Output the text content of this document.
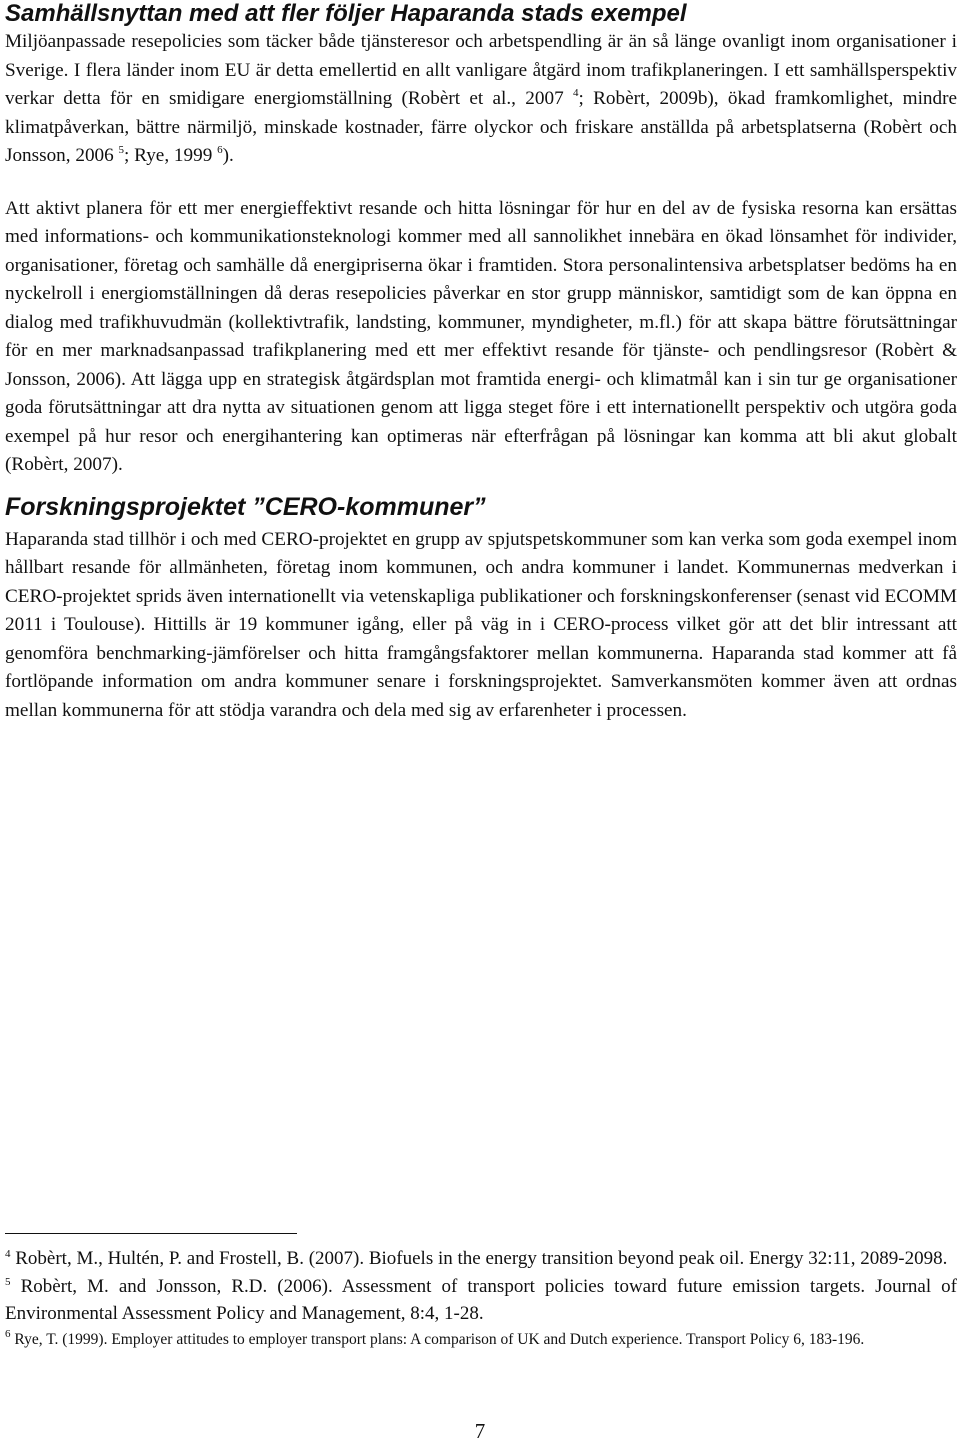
Samhällsnyttan med att fler följer Haparanda stads exempel

Miljöanpassade resepolicies som täcker både tjänsteresor och arbetspendling är än så länge ovanligt inom organisationer i Sverige. I flera länder inom EU är detta emellertid en allt vanligare åtgärd inom trafikplaneringen. I ett samhällsperspektiv verkar detta för en smidigare energiomställning (Robèrt et al., 2007 $^4$; Robèrt, 2009b), ökad framkomlighet, mindre klimatpåverkan, bättre närmiljö, minskade kostnader, färre olyckor och friskare anställda på arbetsplatserna (Robèrt och Jonsson, 2006 $^5$; Rye, 1999 $^6$).

Att aktivt planera för ett mer energieffektivt resande och hitta lösningar för hur en del av de fysiska resorna kan ersättas med informations- och kommunikationsteknologi kommer med all sannolikhet innebära en ökad lönsamhet för individer, organisationer, företag och samhälle då energipriserna ökar i framtiden. Stora personalintensiva arbetsplatser bedöms ha en nyckelroll i energiomställningen då deras resepolicies påverkar en stor grupp människor, samtidigt som de kan öppna en dialog med trafikhuvudmän (kollektivtrafik, landsting, kommuner, myndigheter, m.fl.) för att skapa bättre förutsättningar för en mer marknadsanpassad trafikplanering med ett mer effektivt resande för tjänste- och pendlingsresor (Robèrt & Jonsson, 2006). Att lägga upp en strategisk åtgärdsplan mot framtida energi- och klimatmål kan i sin tur ge organisationer goda förutsättningar att dra nytta av situationen genom att ligga steget före i ett internationellt perspektiv och utgöra goda exempel på hur resor och energihantering kan optimeras när efterfrågan på lösningar kan komma att bli akut globalt (Robèrt, 2007).

Forskningsprojektet ”CERO-kommuner”

Haparanda stad tillhör i och med CERO-projektet en grupp av spjutspetskommuner som kan verka som goda exempel inom hållbart resande för allmänheten, företag inom kommunen, och andra kommuner i landet. Kommunernas medverkan i CERO-projektet sprids även internationellt via vetenskapliga publikationer och forskningskonferenser (senast vid ECOMM 2011 i Toulouse). Hittills är 19 kommuner igång, eller på väg in i CERO-process vilket gör att det blir intressant att genomföra benchmarking-jämförelser och hitta framgångsfaktorer mellan kommunerna. Haparanda stad kommer att få fortlöpande information om andra kommuner senare i forskningsprojektet. Samverkansmöten kommer även att ordnas mellan kommunerna för att stödja varandra och dela med sig av erfarenheter i processen.

$^4$ Robèrt, M., Hultén, P. and Frostell, B. (2007). Biofuels in the energy transition beyond peak oil. Energy 32:11, 2089-2098.

$^5$ Robèrt, M. and Jonsson, R.D. (2006). Assessment of transport policies toward future emission targets. Journal of Environmental Assessment Policy and Management, 8:4, 1-28.

$^6$ Rye, T. (1999). Employer attitudes to employer transport plans: A comparison of UK and Dutch experience. Transport Policy 6, 183-196.

7
